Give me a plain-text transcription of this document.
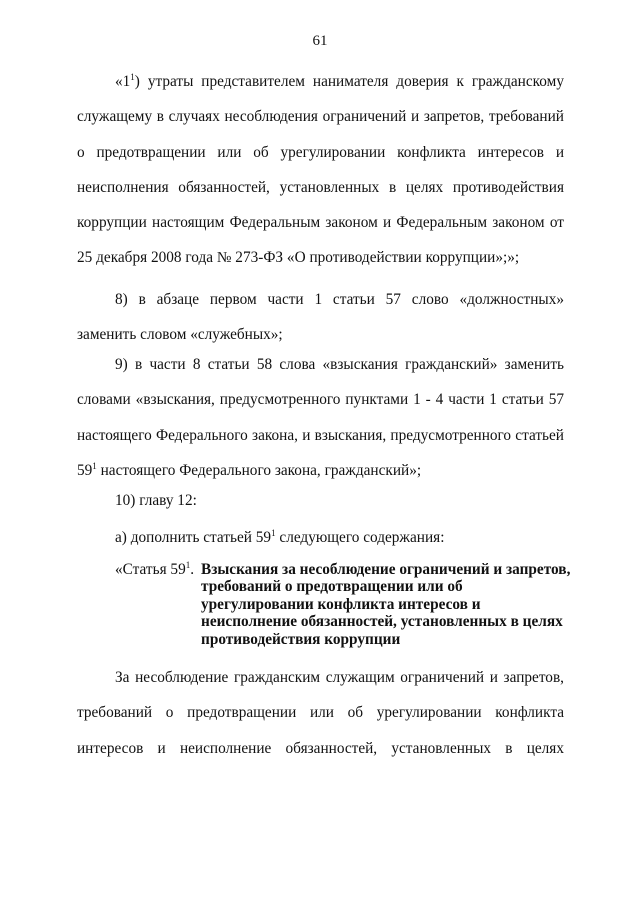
61

«$1^1$) утраты представителем нанимателя доверия к гражданскому служащему в случаях несоблюдения ограничений и запретов, требований о предотвращении или об урегулировании конфликта интересов и неисполнения обязанностей, установленных в целях противодействия коррупции настоящим Федеральным законом и Федеральным законом от 25 декабря 2008 года № 273-ФЗ «О противодействии коррупции»;»;

8) в абзаце первом части 1 статьи 57 слово «должностных» заменить словом «служебных»;

9) в части 8 статьи 58 слова «взыскания гражданский» заменить словами «взыскания, предусмотренного пунктами 1 - 4 части 1 статьи 57 настоящего Федерального закона, и взыскания, предусмотренного статьей $59^1$ настоящего Федерального закона, гражданский»;

10) главу 12:

а) дополнить статьей $59^1$ следующего содержания:

«Статья $59^1$. Взыскания за несоблюдение ограничений и запретов, требований о предотвращении или об урегулировании конфликта интересов и неисполнение обязанностей, установленных в целях противодействия коррупции

За несоблюдение гражданским служащим ограничений и запретов, требований о предотвращении или об урегулировании конфликта интересов и неисполнение обязанностей, установленных в целях
